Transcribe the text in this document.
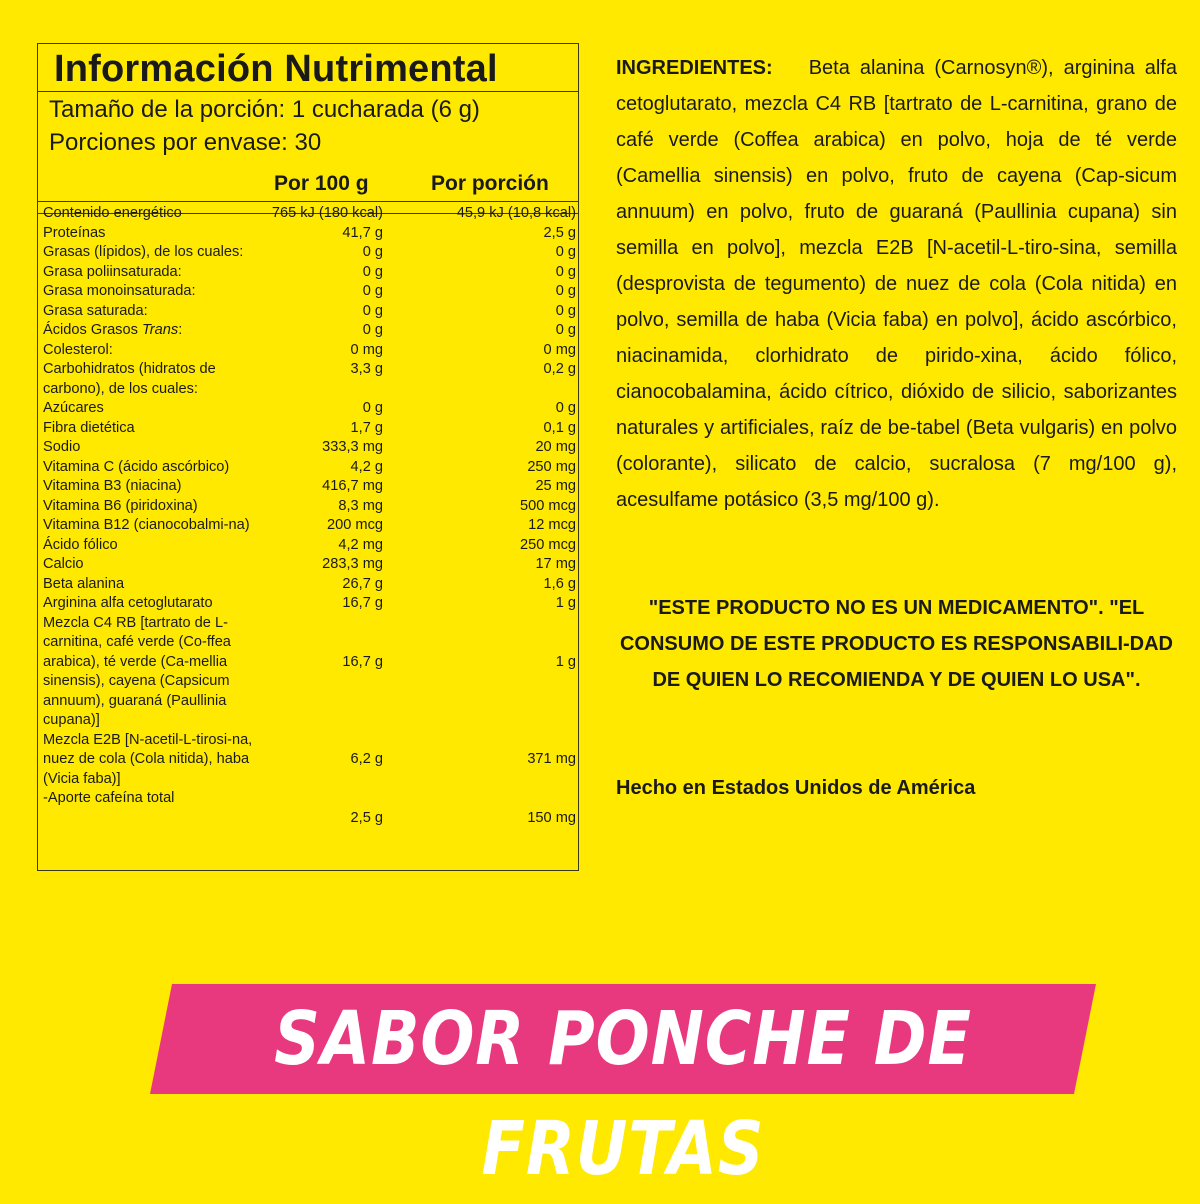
Información Nutrimental
Tamaño de la porción: 1 cucharada (6 g)
Porciones por envase: 30
Por 100 g	Por porción
Contenido energético	765 kJ (180 kcal)	45,9 kJ (10,8 kcal)
Proteínas	41,7 g	2,5 g
Grasas (lípidos), de los cuales:	0 g	0 g
Grasa poliinsaturada:	0 g	0 g
Grasa monoinsaturada:	0 g	0 g
Grasa saturada:	0 g	0 g
Ácidos Grasos Trans:	0 g	0 g
Colesterol:	0 mg	0 mg
Carbohidratos (hidratos de carbono), de los cuales:
3,3 g	0,2 g
Azúcares	0 g	0 g
Fibra dietética	1,7 g	0,1 g
Sodio	333,3 mg	20 mg
Vitamina C (ácido ascórbico)	4,2 g	250 mg
Vitamina B3 (niacina)	416,7 mg	25 mg
Vitamina B6 (piridoxina)	8,3 mg	500 mcg
Vitamina B12 (cianocobalmi-na)	200 mcg	12 mcg
Ácido fólico	4,2 mg	250 mcg
Calcio	283,3 mg	17 mg
Beta alanina	26,7 g	1,6 g
Arginina alfa cetoglutarato	16,7 g	1 g
Mezcla C4 RB [tartrato de L-carnitina, café verde (Co-ffea arabica), té verde (Ca-mellia sinensis), cayena (Capsicum annuum), guaraná (Paullinia cupana)]
16,7 g	1 g
Mezcla E2B [N-acetil-L-tirosi-na, nuez de cola (Cola nitida), haba (Vicia faba)]
6,2 g	371 mg
-Aporte cafeína total

2,5 g	150 mg
INGREDIENTES: Beta alanina (Carnosyn®), arginina alfa cetoglutarato, mezcla C4 RB [tartrato de L-carnitina, grano de café verde (Coffea arabica) en polvo, hoja de té verde (Camellia sinensis) en polvo, fruto de cayena (Cap-sicum annuum) en polvo, fruto de guaraná (Paullinia cupana) sin semilla en polvo], mezcla E2B [N-acetil-L-tiro-sina, semilla (desprovista de tegumento) de nuez de cola (Cola nitida) en polvo, semilla de haba (Vicia faba) en polvo], ácido ascórbico, niacinamida, clorhidrato de pirido-xina, ácido fólico, cianocobalamina, ácido cítrico, dióxido de silicio, saborizantes naturales y artificiales, raíz de be-tabel (Beta vulgaris) en polvo (colorante), silicato de calcio, sucralosa (7 mg/100 g), acesulfame potásico (3,5 mg/100 g).
"ESTE PRODUCTO NO ES UN MEDICAMENTO". "EL CONSUMO DE ESTE PRODUCTO ES RESPONSABILI-DAD DE QUIEN LO RECOMIENDA Y DE QUIEN LO USA".
Hecho en Estados Unidos de América
SABOR PONCHE DE FRUTAS
